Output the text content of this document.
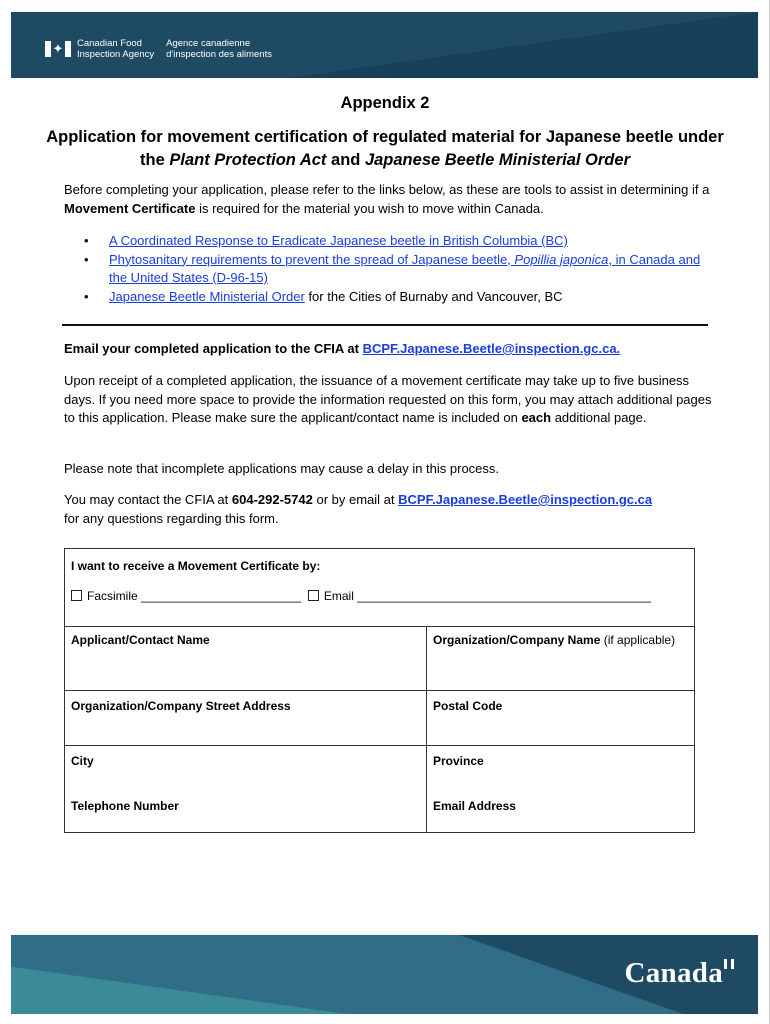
✦ Canadian Food
Inspection Agency
Agence canadienne
d'inspection des aliments
Appendix 2
Application for movement certification of regulated material for Japanese beetle under the Plant Protection Act and Japanese Beetle Ministerial Order
Before completing your application, please refer to the links below, as these are tools to assist in determining if a Movement Certificate is required for the material you wish to move within Canada.
• A Coordinated Response to Eradicate Japanese beetle in British Columbia (BC)
• Phytosanitary requirements to prevent the spread of Japanese beetle, Popillia japonica, in Canada and the United States (D-96-15)
• Japanese Beetle Ministerial Order for the Cities of Burnaby and Vancouver, BC
Email your completed application to the CFIA at BCPF.Japanese.Beetle@inspection.gc.ca.
Upon receipt of a completed application, the issuance of a movement certificate may take up to five business days. If you need more space to provide the information requested on this form, you may attach additional pages to this application. Please make sure the applicant/contact name is included on each additional page.
Please note that incomplete applications may cause a delay in this process.
You may contact the CFIA at 604-292-5742 or by email at BCPF.Japanese.Beetle@inspection.gc.ca
for any questions regarding this form.
I want to receive a Movement Certificate by:
Facsimile ________________________ Email ____________________________________________
Applicant/Contact Name	Organization/Company Name (if applicable)
Organization/Company Street Address	Postal Code
City	Province
Telephone Number	Email Address
Canada
